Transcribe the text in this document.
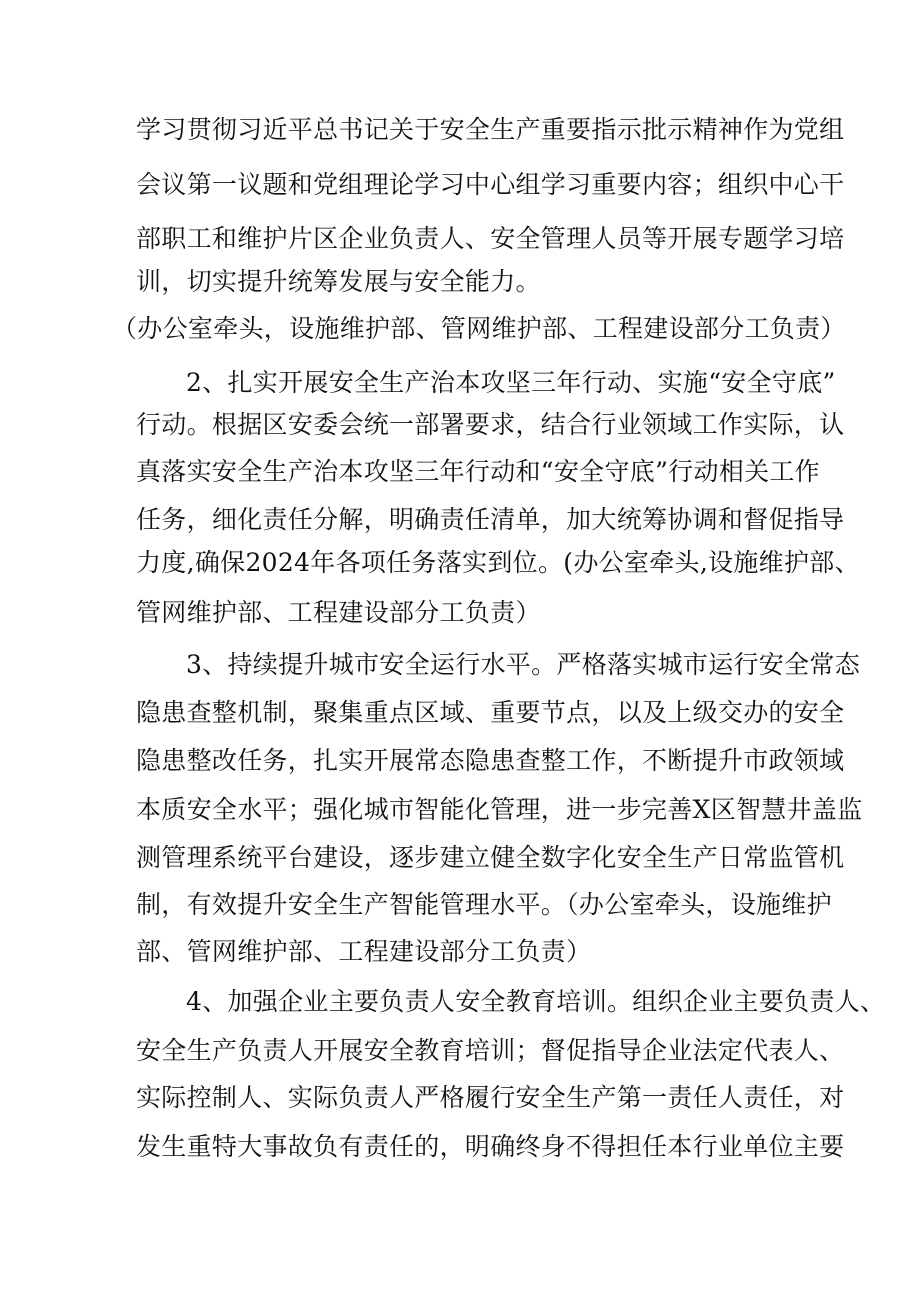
学习贯彻习近平总书记关于安全生产重要指示批示精神作为党组
会议第一议题和党组理论学习中心组学习重要内容；组织中心干
部职工和维护片区企业负责人、安全管理人员等开展专题学习培
训，切实提升统筹发展与安全能力。
（办公室牵头，设施维护部、管网维护部、工程建设部分工负责）
2、扎实开展安全生产治本攻坚三年行动、实施“安全守底”
行动。根据区安委会统一部署要求，结合行业领域工作实际，认
真落实安全生产治本攻坚三年行动和“安全守底”行动相关工作
任务，细化责任分解，明确责任清单，加大统筹协调和督促指导
力度,确保2024年各项任务落实到位。(办公室牵头,设施维护部、
管网维护部、工程建设部分工负责）
3、持续提升城市安全运行水平。严格落实城市运行安全常态
隐患查整机制，聚集重点区域、重要节点，以及上级交办的安全
隐患整改任务，扎实开展常态隐患查整工作，不断提升市政领域
本质安全水平；强化城市智能化管理，进一步完善X区智慧井盖监
测管理系统平台建设，逐步建立健全数字化安全生产日常监管机
制，有效提升安全生产智能管理水平。（办公室牵头，设施维护
部、管网维护部、工程建设部分工负责）
4、加强企业主要负责人安全教育培训。组织企业主要负责人、
安全生产负责人开展安全教育培训；督促指导企业法定代表人、
实际控制人、实际负责人严格履行安全生产第一责任人责任，对
发生重特大事故负有责任的，明确终身不得担任本行业单位主要
